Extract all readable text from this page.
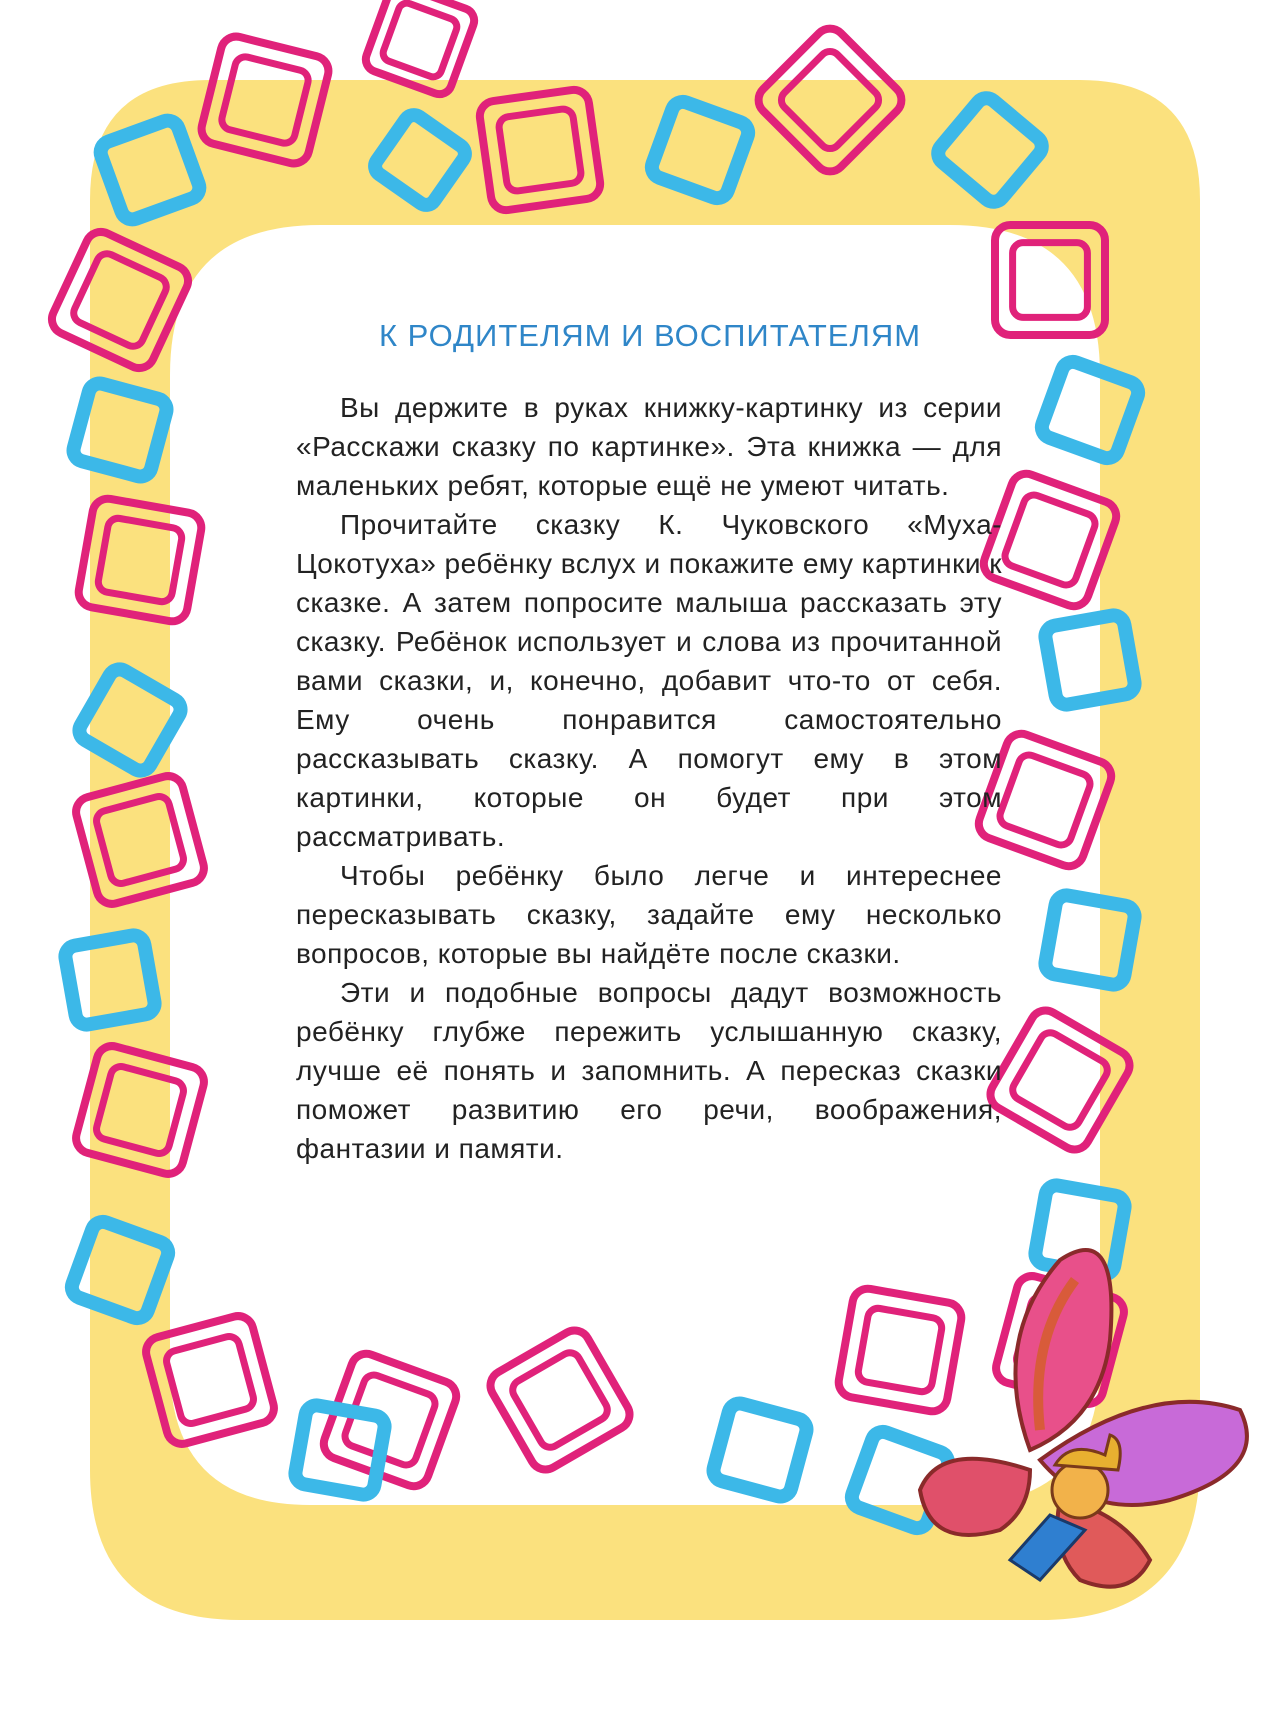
К РОДИТЕЛЯМ И ВОСПИТАТЕЛЯМ

Вы держите в руках книжку-картинку из серии «Расскажи сказку по картинке». Эта книжка — для маленьких ребят, которые ещё не умеют читать.

Прочитайте сказку К. Чуковского «Муха-Цокотуха» ребёнку вслух и покажите ему картинки к сказке. А затем попросите малыша рассказать эту сказку. Ребёнок использует и слова из прочитанной вами сказки, и, конечно, добавит что-то от себя. Ему очень понравится самостоятельно рассказывать сказку. А помогут ему в этом картинки, которые он будет при этом рассматривать.

Чтобы ребёнку было легче и интереснее пересказывать сказку, задайте ему несколько вопросов, которые вы найдёте после сказки.

Эти и подобные вопросы дадут возможность ребёнку глубже пережить услышанную сказку, лучше её понять и запомнить. А пересказ сказки поможет развитию его речи, воображения, фантазии и памяти.
